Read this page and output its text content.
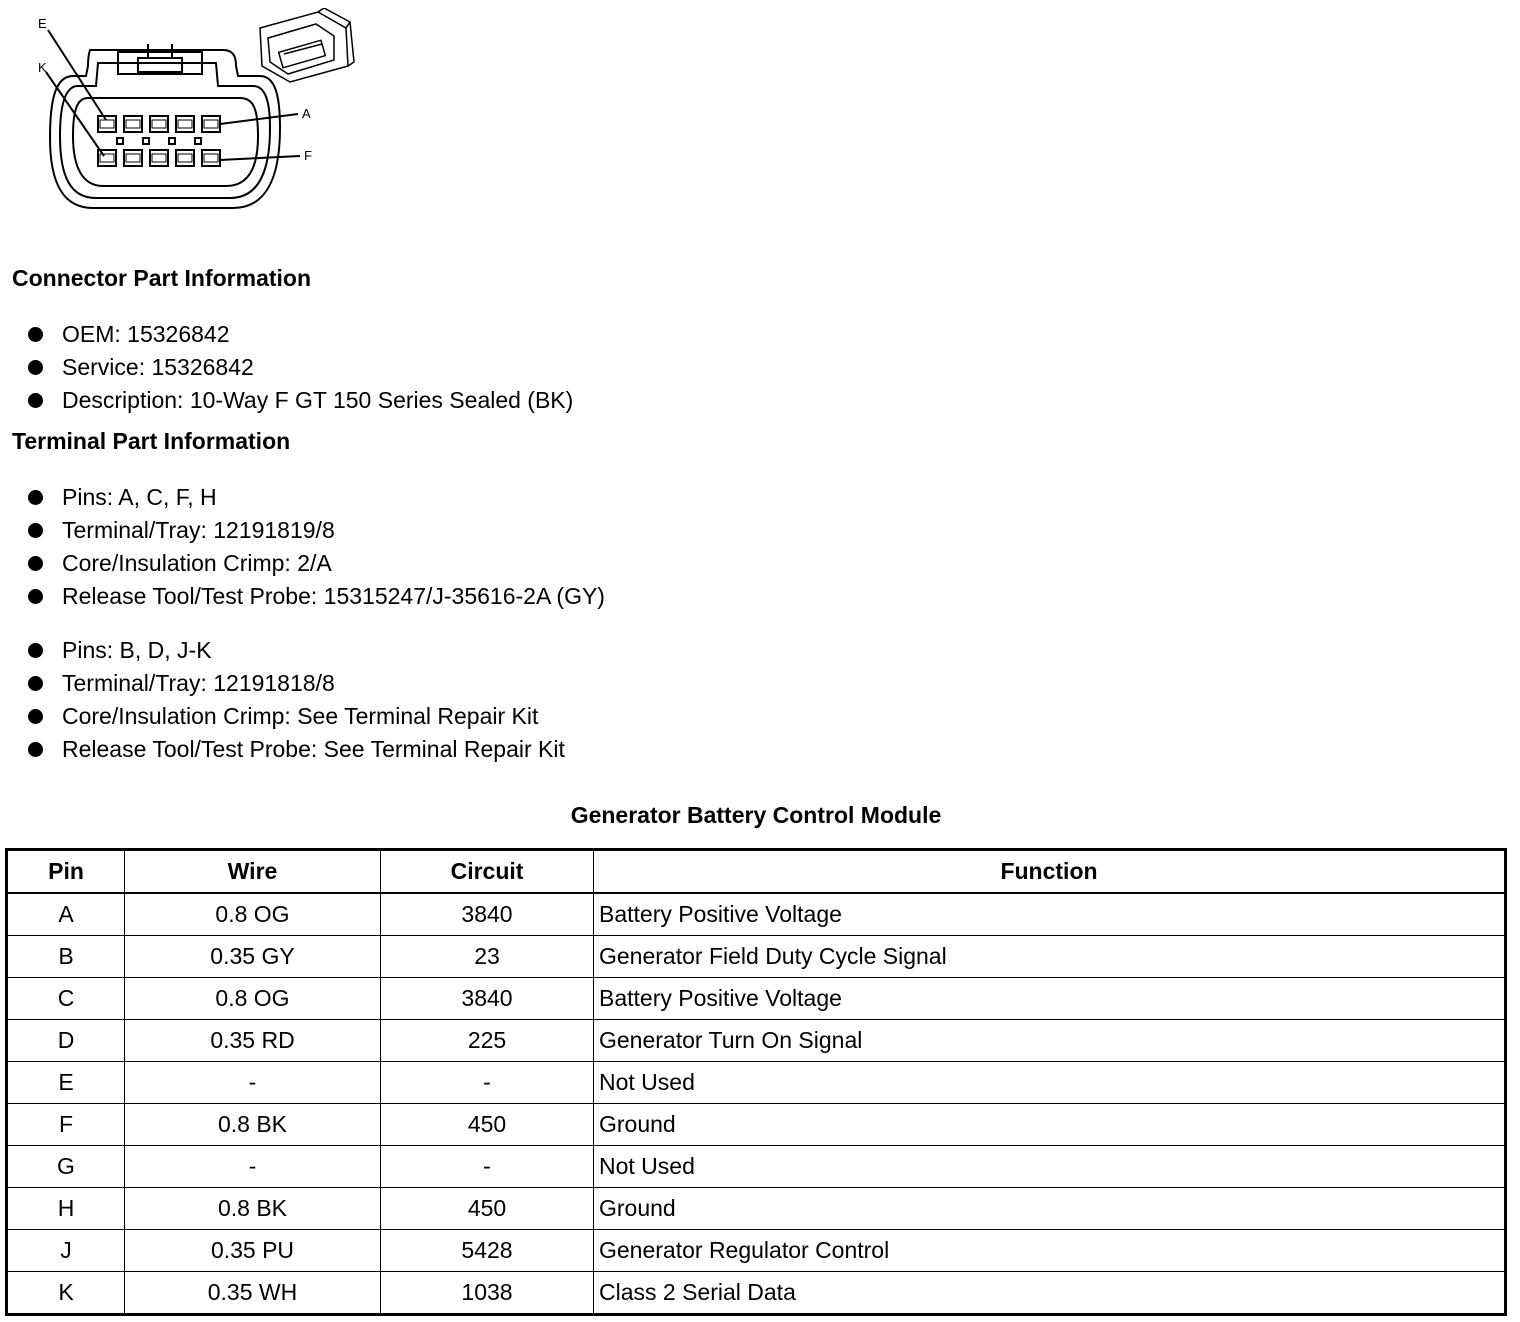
E
K
A
F
Connector Part Information
OEM: 15326842
Service: 15326842
Description: 10-Way F GT 150 Series Sealed (BK)
Terminal Part Information
Pins: A, C, F, H
Terminal/Tray: 12191819/8
Core/Insulation Crimp: 2/A
Release Tool/Test Probe: 15315247/J-35616-2A (GY)
Pins: B, D, J-K
Terminal/Tray: 12191818/8
Core/Insulation Crimp: See Terminal Repair Kit
Release Tool/Test Probe: See Terminal Repair Kit
Generator Battery Control Module
Pin	Wire	Circuit	Function
A	0.8 OG	3840	Battery Positive Voltage
B	0.35 GY	23	Generator Field Duty Cycle Signal
C	0.8 OG	3840	Battery Positive Voltage
D	0.35 RD	225	Generator Turn On Signal
E	-	-	Not Used
F	0.8 BK	450	Ground
G	-	-	Not Used
H	0.8 BK	450	Ground
J	0.35 PU	5428	Generator Regulator Control
K	0.35 WH	1038	Class 2 Serial Data
